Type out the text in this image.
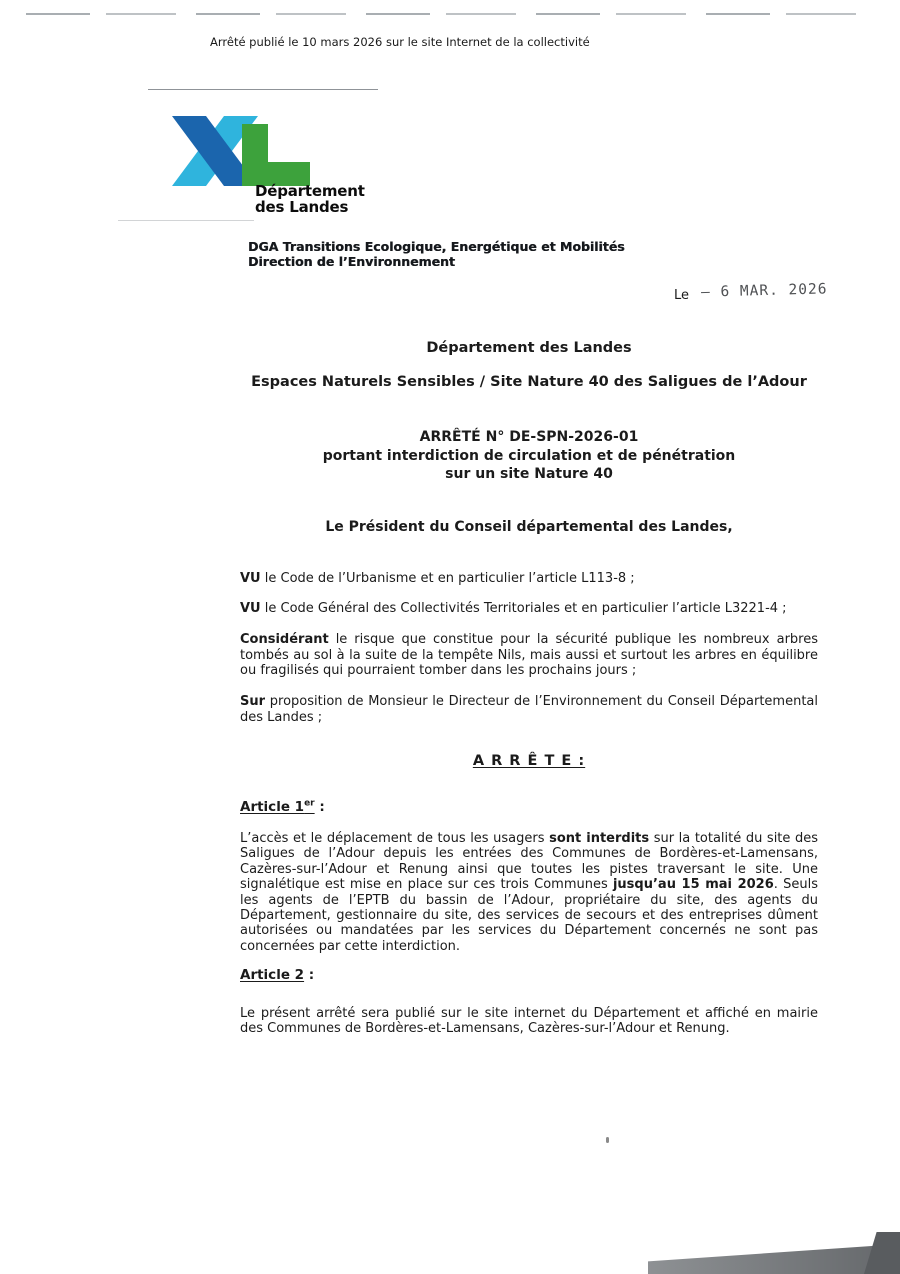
Arrêté publié le 10 mars 2026 sur le site Internet de la collectivité
Département
des Landes
DGA Transitions Ecologique, Energétique et Mobilités
Direction de l’Environnement
Le – 6 MAR. 2026
Département des Landes
Espaces Naturels Sensibles / Site Nature 40 des Saligues de l’Adour
ARRÊTÉ N° DE-SPN-2026-01
portant interdiction de circulation et de pénétration
sur un site Nature 40
Le Président du Conseil départemental des Landes,

VU le Code de l’Urbanisme et en particulier l’article L113-8 ;

VU le Code Général des Collectivités Territoriales et en particulier l’article L3221-4 ;

Considérant le risque que constitue pour la sécurité publique les nombreux arbres tombés au sol à la suite de la tempête Nils, mais aussi et surtout les arbres en équilibre ou fragilisés qui pourraient tomber dans les prochains jours ;

Sur proposition de Monsieur le Directeur de l’Environnement du Conseil Départemental des Landes ;

A R R Ê T E :
Article 1er :

L’accès et le déplacement de tous les usagers sont interdits sur la totalité du site des Saligues de l’Adour depuis les entrées des Communes de Bordères-et-Lamensans, Cazères-sur-l’Adour et Renung ainsi que toutes les pistes traversant le site. Une signalétique est mise en place sur ces trois Communes jusqu’au 15 mai 2026. Seuls les agents de l’EPTB du bassin de l’Adour, propriétaire du site, des agents du Département, gestionnaire du site, des services de secours et des entreprises dûment autorisées ou mandatées par les services du Département concernés ne sont pas concernées par cette interdiction.

Article 2 :

Le présent arrêté sera publié sur le site internet du Département et affiché en mairie des Communes de Bordères-et-Lamensans, Cazères-sur-l’Adour et Renung.
